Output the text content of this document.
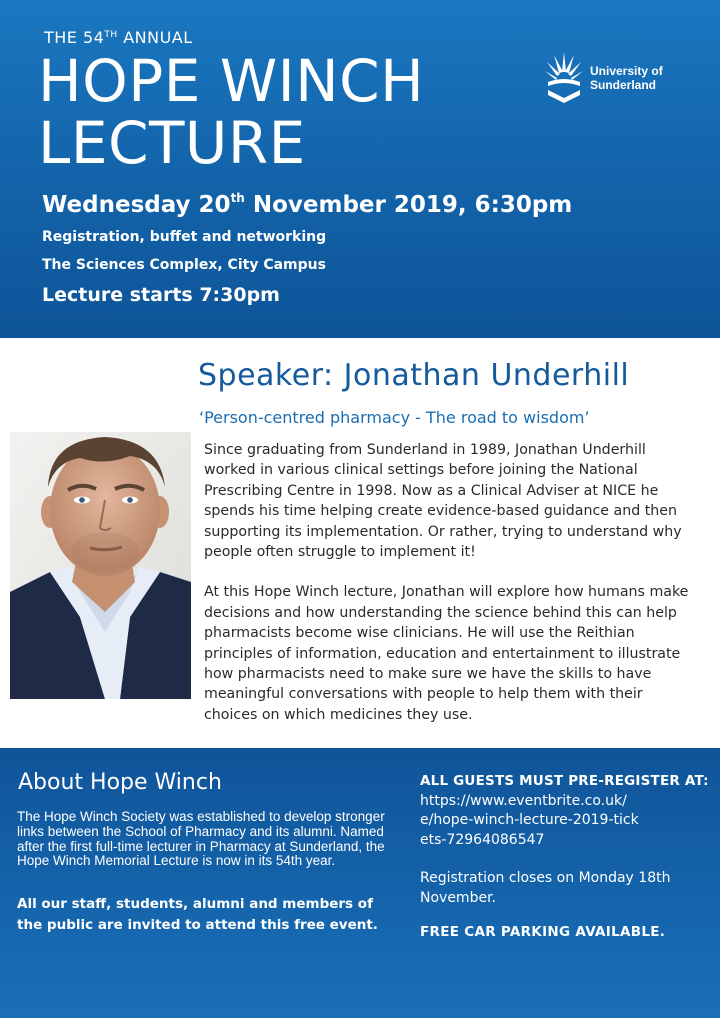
THE 54TH ANNUAL
HOPE WINCH
LECTURE
Wednesday 20th November 2019, 6:30pm
Registration, buffet and networking
The Sciences Complex, City Campus
Lecture starts 7:30pm
University of
Sunderland
Speaker: Jonathan Underhill
‘Person-centred pharmacy - The road to wisdom’

Since graduating from Sunderland in 1989, Jonathan Underhill worked in various clinical settings before joining the National Prescribing Centre in 1998. Now as a Clinical Adviser at NICE he spends his time helping create evidence-based guidance and then supporting its implementation. Or rather, trying to understand why people often struggle to implement it!

At this Hope Winch lecture, Jonathan will explore how humans make decisions and how understanding the science behind this can help pharmacists become wise clinicians. He will use the Reithian principles of information, education and entertainment to illustrate how pharmacists need to make sure we have the skills to have meaningful conversations with people to help them with their choices on which medicines they use.

About Hope Winch
The Hope Winch Society was established to develop stronger links between the School of Pharmacy and its alumni. Named after the first full-time lecturer in Pharmacy at Sunderland, the Hope Winch Memorial Lecture is now in its 54th year.
All our staff, students, alumni and members of the public are invited to attend this free event.
ALL GUESTS MUST PRE-REGISTER AT:
https://www.eventbrite.co.uk/e/hope-winch-lecture-2019-tickets-72964086547
Registration closes on Monday 18th November.
FREE CAR PARKING AVAILABLE.
